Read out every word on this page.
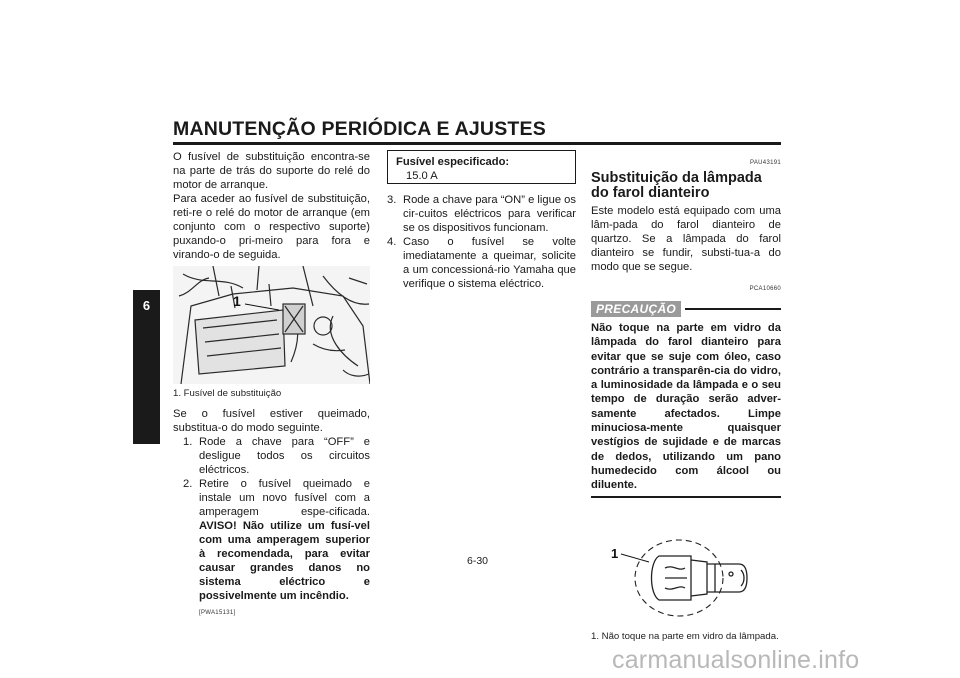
MANUTENÇÃO PERIÓDICA E AJUSTES
6

O fusível de substituição encontra-se na parte de trás do suporte do relé do motor de arranque.

Para aceder ao fusível de substituição, reti-re o relé do motor de arranque (em conjunto com o respectivo suporte) puxando-o pri-meiro para fora e virando-o de seguida.

1
1. Fusível de substituição

Se o fusível estiver queimado, substitua-o do modo seguinte.

1. Rode a chave para “OFF” e desligue todos os circuitos eléctricos.
2. Retire o fusível queimado e instale um novo fusível com a amperagem espe-cificada. AVISO! Não utilize um fusí-vel com uma amperagem superior à recomendada, para evitar causar grandes danos no sistema eléctrico e possivelmente um incêndio.
[PWA15131]
Fusível especificado:
15.0 A
3. Rode a chave para “ON” e ligue os cir-cuitos eléctricos para verificar se os dispositivos funcionam.
4. Caso o fusível se volte imediatamente a queimar, solicite a um concessioná-rio Yamaha que verifique o sistema eléctrico.
PAU43191
Substituição da lâmpada do farol dianteiro

Este modelo está equipado com uma lâm-pada do farol dianteiro de quartzo. Se a lâmpada do farol dianteiro se fundir, substi-tua-a do modo que se segue.

PCA10660
PRECAUÇÃO

Não toque na parte em vidro da lâmpada do farol dianteiro para evitar que se suje com óleo, caso contrário a transparên-cia do vidro, a luminosidade da lâmpada e o seu tempo de duração serão adver-samente afectados. Limpe minuciosa-mente quaisquer vestígios de sujidade e de marcas de dedos, utilizando um pano humedecido com álcool ou diluente.

1
1. Não toque na parte em vidro da lâmpada.
6-30
carmanualsonline.info
